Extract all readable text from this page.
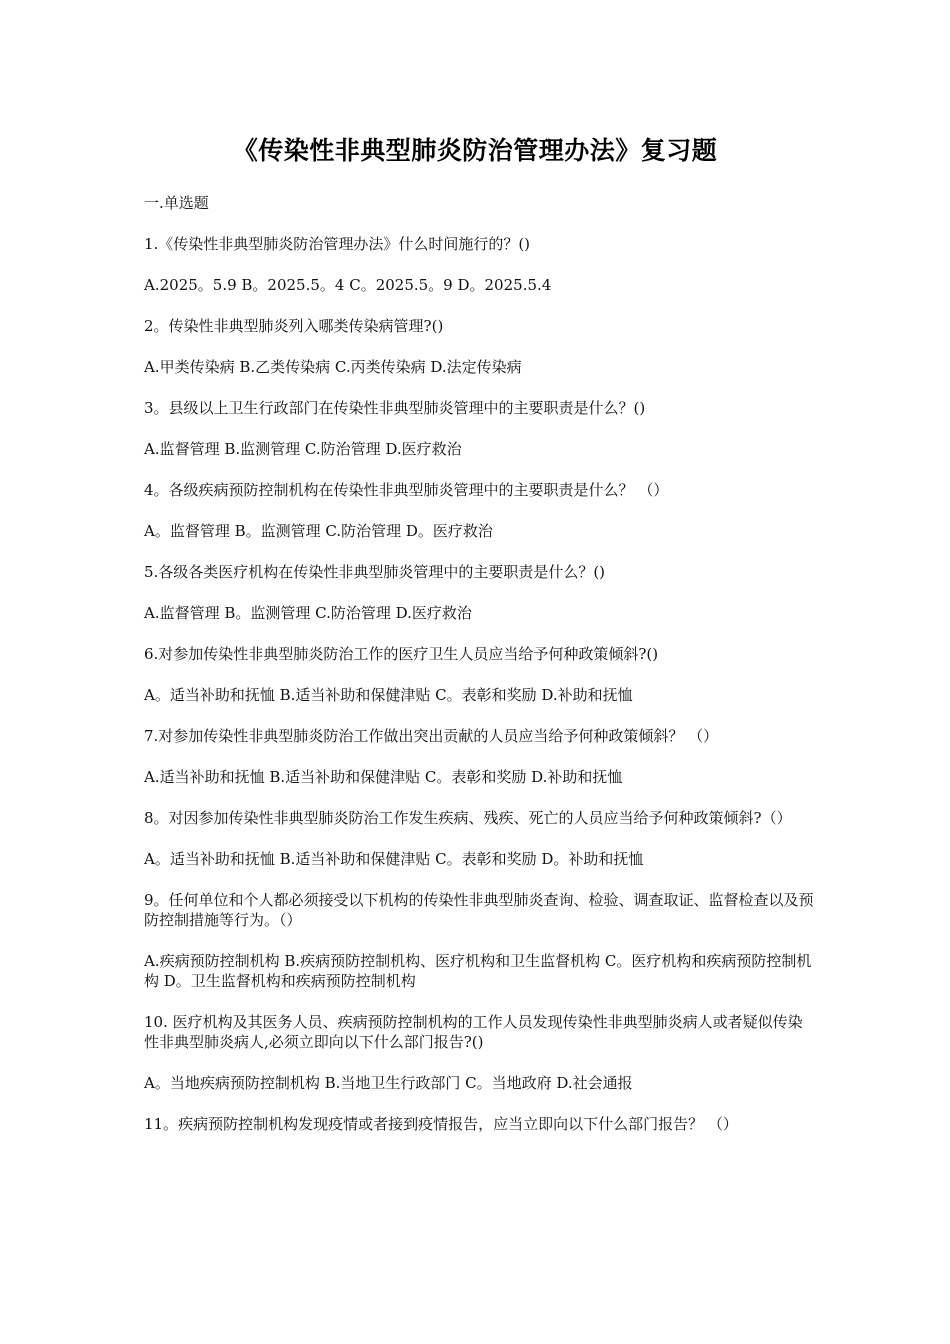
《传染性非典型肺炎防治管理办法》复习题
一.单选题
1.《传染性非典型肺炎防治管理办法》什么时间施行的？()
A.2025。5.9 B。2025.5。4 C。2025.5。9 D。2025.5.4
2。传染性非典型肺炎列入哪类传染病管理?()
A.甲类传染病 B.乙类传染病 C.丙类传染病 D.法定传染病
3。县级以上卫生行政部门在传染性非典型肺炎管理中的主要职责是什么？()
A.监督管理 B.监测管理 C.防治管理 D.医疗救治
4。各级疾病预防控制机构在传染性非典型肺炎管理中的主要职责是什么？ （）
A。监督管理 B。监测管理 C.防治管理 D。医疗救治
5.各级各类医疗机构在传染性非典型肺炎管理中的主要职责是什么？()
A.监督管理 B。监测管理 C.防治管理 D.医疗救治
6.对参加传染性非典型肺炎防治工作的医疗卫生人员应当给予何种政策倾斜?()
A。适当补助和抚恤 B.适当补助和保健津贴 C。表彰和奖励 D.补助和抚恤
7.对参加传染性非典型肺炎防治工作做出突出贡献的人员应当给予何种政策倾斜？ （）
A.适当补助和抚恤 B.适当补助和保健津贴 C。表彰和奖励 D.补助和抚恤
8。对因参加传染性非典型肺炎防治工作发生疾病、残疾、死亡的人员应当给予何种政策倾斜?（）
A。适当补助和抚恤 B.适当补助和保健津贴 C。表彰和奖励 D。补助和抚恤
9。任何单位和个人都必须接受以下机构的传染性非典型肺炎查询、检验、调查取证、监督检查以及预防控制措施等行为。（）
A.疾病预防控制机构 B.疾病预防控制机构、医疗机构和卫生监督机构 C。医疗机构和疾病预防控制机构 D。卫生监督机构和疾病预防控制机构
10. 医疗机构及其医务人员、疾病预防控制机构的工作人员发现传染性非典型肺炎病人或者疑似传染性非典型肺炎病人,必须立即向以下什么部门报告?()
A。当地疾病预防控制机构 B.当地卫生行政部门 C。当地政府 D.社会通报
11。疾病预防控制机构发现疫情或者接到疫情报告，应当立即向以下什么部门报告？ （）
